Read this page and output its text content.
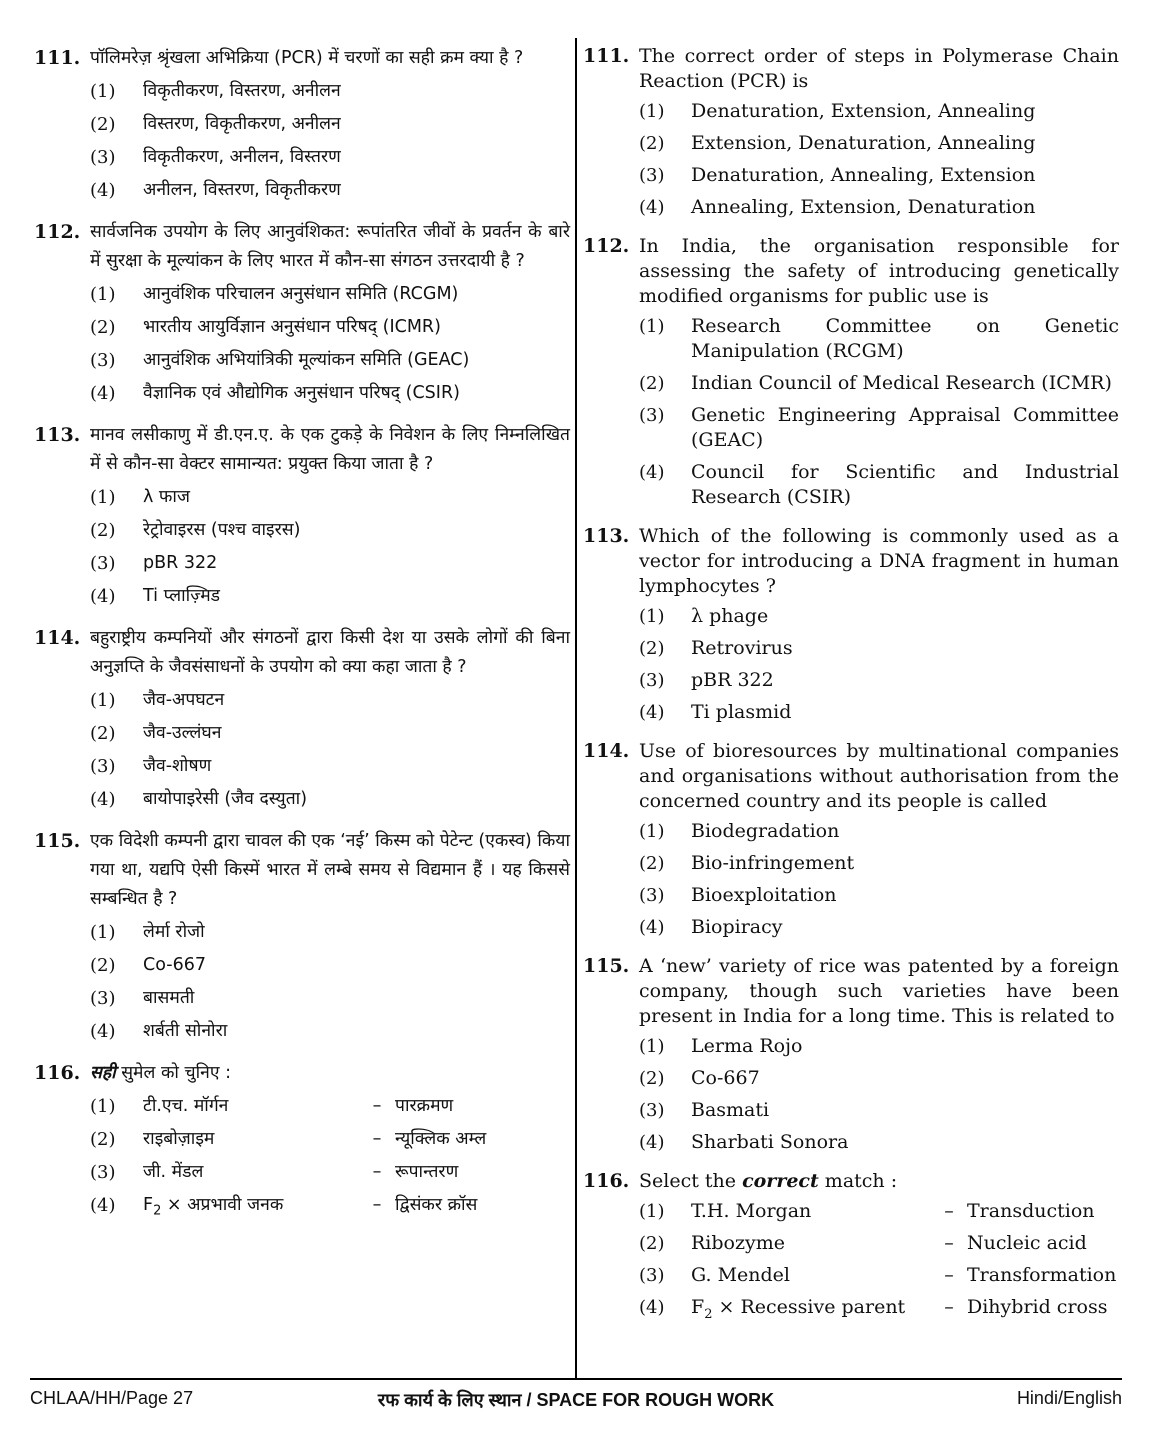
111. पॉलिमरेज़ श्रृंखला अभिक्रिया (PCR) में चरणों का सही क्रम क्या है ?
(1) विकृतीकरण, विस्तरण, अनीलन
(2) विस्तरण, विकृतीकरण, अनीलन
(3) विकृतीकरण, अनीलन, विस्तरण
(4) अनीलन, विस्तरण, विकृतीकरण
112. सार्वजनिक उपयोग के लिए आनुवंशिकत: रूपांतरित जीवों के प्रवर्तन के बारे में सुरक्षा के मूल्यांकन के लिए भारत में कौन-सा संगठन उत्तरदायी है ?
(1) आनुवंशिक परिचालन अनुसंधान समिति (RCGM)
(2) भारतीय आयुर्विज्ञान अनुसंधान परिषद् (ICMR)
(3) आनुवंशिक अभियांत्रिकी मूल्यांकन समिति (GEAC)
(4) वैज्ञानिक एवं औद्योगिक अनुसंधान परिषद् (CSIR)
113. मानव लसीकाणु में डी.एन.ए. के एक टुकड़े के निवेशन के लिए निम्नलिखित में से कौन-सा वेक्टर सामान्यत: प्रयुक्त किया जाता है ?
(1) λ फाज
(2) रेट्रोवाइरस (पश्च वाइरस)
(3) pBR 322
(4) Ti प्लाज़्मिड
114. बहुराष्ट्रीय कम्पनियों और संगठनों द्वारा किसी देश या उसके लोगों की बिना अनुज्ञप्ति के जैवसंसाधनों के उपयोग को क्या कहा जाता है ?
(1) जैव-अपघटन
(2) जैव-उल्लंघन
(3) जैव-शोषण
(4) बायोपाइरेसी (जैव दस्युता)
115. एक विदेशी कम्पनी द्वारा चावल की एक ‘नई’ किस्म को पेटेन्ट (एकस्व) किया गया था, यद्यपि ऐसी किस्में भारत में लम्बे समय से विद्यमान हैं । यह किससे सम्बन्धित है ?
(1) लेर्मा रोजो
(2) Co-667
(3) बासमती
(4) शर्बती सोनोरा
116. सही सुमेल को चुनिए :
(1) टी.एच. मॉर्गन	– पारक्रमण
(2) राइबोज़ाइम	– न्यूक्लिक अम्ल
(3) जी. मेंडल	– रूपान्तरण
(4) $F_2$ × अप्रभावी जनक	– द्विसंकर क्रॉस
111. The correct order of steps in Polymerase Chain Reaction (PCR) is
(1) Denaturation, Extension, Annealing
(2) Extension, Denaturation, Annealing
(3) Denaturation, Annealing, Extension
(4) Annealing, Extension, Denaturation
112. In India, the organisation responsible for assessing the safety of introducing genetically modified organisms for public use is
(1) Research Committee on Genetic Manipulation (RCGM)
(2) Indian Council of Medical Research (ICMR)
(3) Genetic Engineering Appraisal Committee (GEAC)
(4) Council for Scientific and Industrial Research (CSIR)
113. Which of the following is commonly used as a vector for introducing a DNA fragment in human lymphocytes ?
(1) λ phage
(2) Retrovirus
(3) pBR 322
(4) Ti plasmid
114. Use of bioresources by multinational companies and organisations without authorisation from the concerned country and its people is called
(1) Biodegradation
(2) Bio-infringement
(3) Bioexploitation
(4) Biopiracy
115. A ‘new’ variety of rice was patented by a foreign company, though such varieties have been present in India for a long time. This is related to
(1) Lerma Rojo
(2) Co-667
(3) Basmati
(4) Sharbati Sonora
116. Select the correct match :
(1) T.H. Morgan	– Transduction
(2) Ribozyme	– Nucleic acid
(3) G. Mendel	– Transformation
(4) $F_2$ × Recessive parent	– Dihybrid cross
CHLAA/HH/Page 27	रफ कार्य के लिए स्थान / SPACE FOR ROUGH WORK	Hindi/English
